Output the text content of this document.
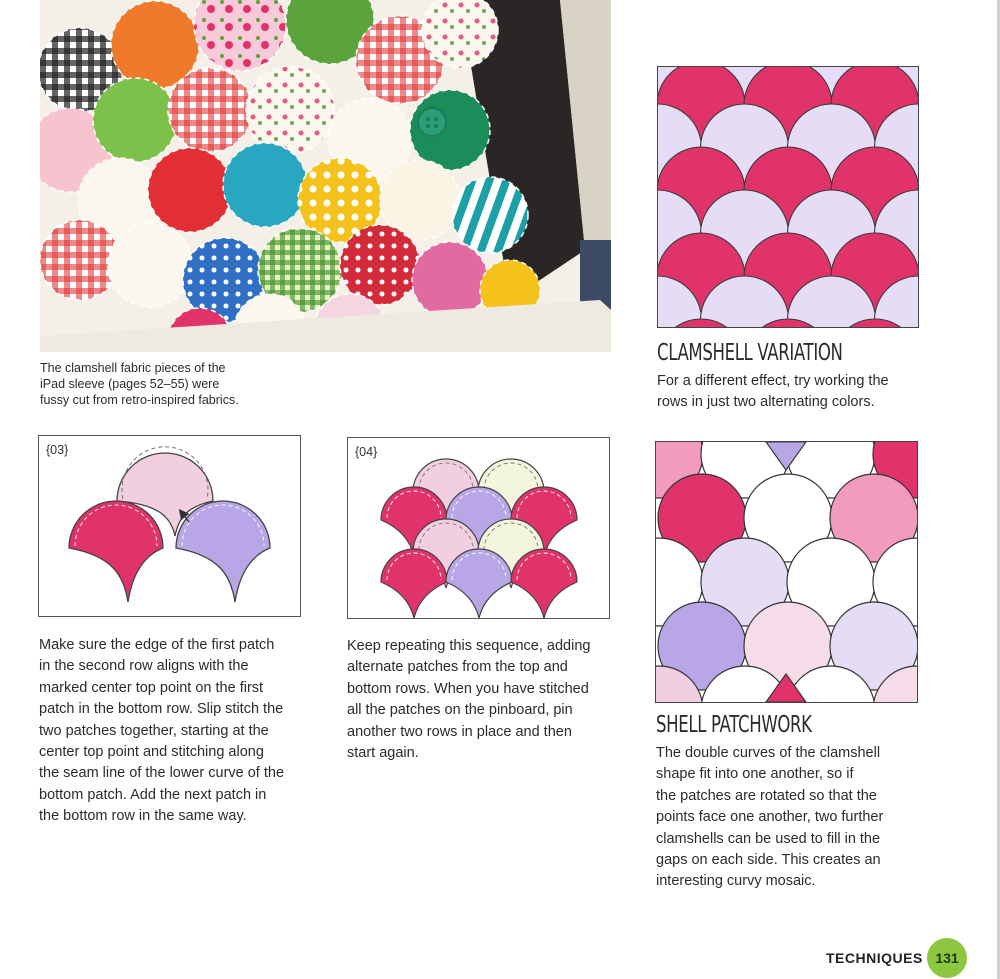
The clamshell fabric pieces of the
iPad sleeve (pages 52–55) were
fussy cut from retro-inspired fabrics.
CLAMSHELL VARIATION
For a different effect, try working the
rows in just two alternating colors.
{03}	{04}
Make sure the edge of the first patch
in the second row aligns with the
marked center top point on the first
patch in the bottom row. Slip stitch the
two patches together, starting at the
center top point and stitching along
the seam line of the lower curve of the
bottom patch. Add the next patch in
the bottom row in the same way.
Keep repeating this sequence, adding
alternate patches from the top and
bottom rows. When you have stitched
all the patches on the pinboard, pin
another two rows in place and then
start again.
SHELL PATCHWORK
The double curves of the clamshell
shape fit into one another, so if
the patches are rotated so that the
points face one another, two further
clamshells can be used to fill in the
gaps on each side. This creates an
interesting curvy mosaic.
TECHNIQUES 131
